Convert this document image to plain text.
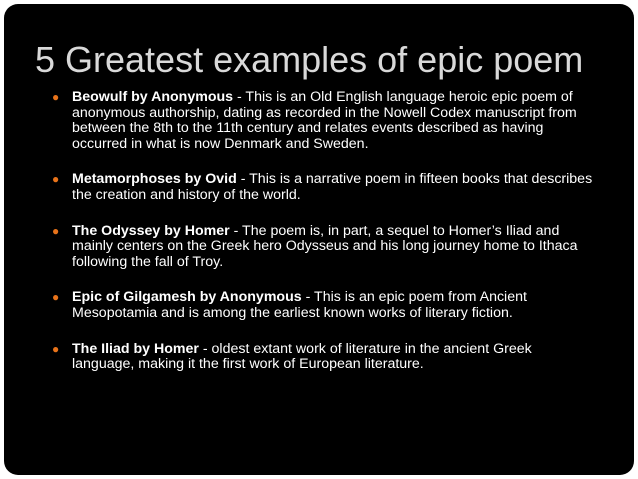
5 Greatest examples of epic poem
● Beowulf by Anonymous - This is an Old English language heroic epic poem of anonymous authorship, dating as recorded in the Nowell Codex manuscript from between the 8th to the 11th century and relates events described as having occurred in what is now Denmark and Sweden.
● Metamorphoses by Ovid - This is a narrative poem in fifteen books that describes the creation and history of the world.
● The Odyssey by Homer - The poem is, in part, a sequel to Homer’s Iliad and mainly centers on the Greek hero Odysseus and his long journey home to Ithaca following the fall of Troy.
● Epic of Gilgamesh by Anonymous - This is an epic poem from Ancient Mesopotamia and is among the earliest known works of literary fiction.
● The Iliad by Homer - oldest extant work of literature in the ancient Greek language, making it the first work of European literature.
